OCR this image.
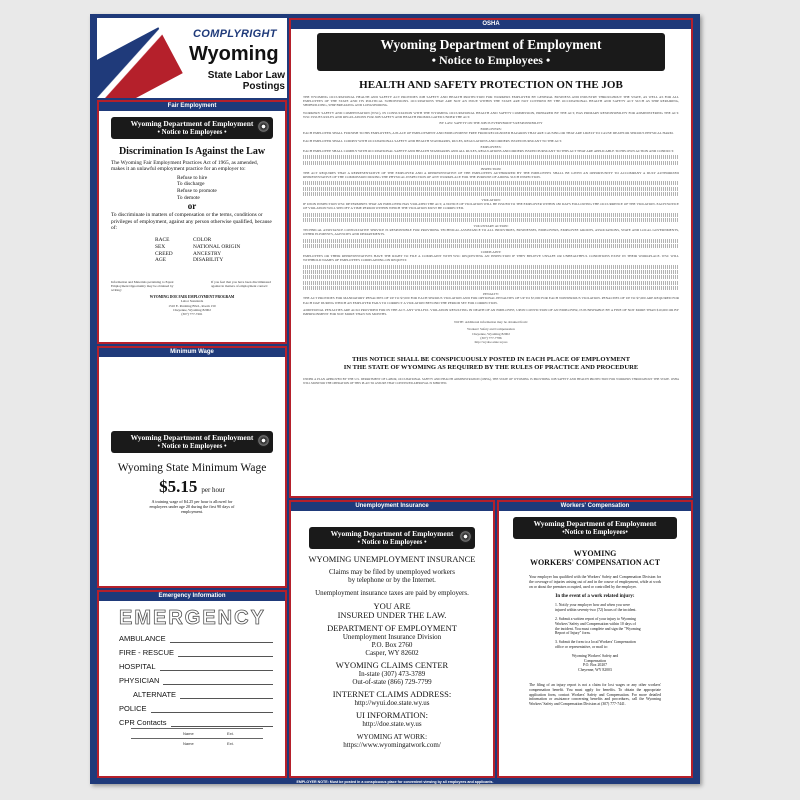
COMPLYRIGHT
Wyoming
State Labor Law Postings
Fair Employment
Wyoming Department of Employment
• Notice to Employees •
Discrimination Is Against the Law
The Wyoming Fair Employment Practices Act of 1965, as amended, makes it an unlawful employment practice for an employer to:
Refuse to hire
To discharge
Refuse to promote
To demote
or
To discriminate in matters of compensation or the terms, conditions or privileges of employment, against any person otherwise qualified, because of:
RACE
SEX
CREED
AGE
COLOR
NATIONAL ORIGIN
ANCESTRY
DISABILITY
Information and Materials pertaining to Equal Employment Opportunity may be obtained by writing:
If you feel that you have been discriminated against in matters of employment contact:
WYOMING DOE FAIR EMPLOYMENT PROGRAM
Labor Standards
1510 E. Pershing Blvd., Room 150
Cheyenne, Wyoming 82002
(307) 777-7261
Minimum Wage
Wyoming Department of Employment
• Notice to Employees •
Wyoming State Minimum Wage
$5.15 per hour
A training wage of $4.25 per hour is allowed for employees under age 20 during the first 90 days of employment.
Emergency Information
EMERGENCY
AMBULANCE
FIRE - RESCUE
HOSPITAL
PHYSICIAN
ALTERNATE
POLICE
CPR Contacts
Name	Ext.
Name	Ext.
OSHA
Wyoming Department of Employment
• Notice to Employees •
HEALTH AND SAFETY PROTECTION ON THE JOB
THE WYOMING OCCUPATIONAL HEALTH AND SAFETY ACT PROVIDES JOB SAFETY AND HEALTH PROTECTION FOR WORKERS EMPLOYED BY GENERAL BUSINESS AND INDUSTRY THROUGHOUT THE STATE, AS WELL AS FOR ALL EMPLOYEES OF THE STATE AND ITS POLITICAL SUBDIVISIONS. OCCUPATIONS THAT ARE NOT AN ISSUE WITHIN THE STATE ARE NOT COVERED BY THE OCCUPATIONAL HEALTH AND SAFETY ACT SUCH AS SHIP REPAIRING, SHIPBUILDING, SHIP BREAKING AND LONGSHORING.
WORKERS' SAFETY AND COMPENSATION (WSC), IN CONSULTATION WITH THE WYOMING OCCUPATIONAL HEALTH AND SAFETY COMMISSION, PREPARED BY THE ACT, HAS PRIMARY RESPONSIBILITY FOR ADMINISTERING THE ACT. WSC ISSUES RULES AND REGULATIONS FOR JOB SAFETY AND HEALTH PROMULGATED UNDER THE ACT.
BY LAW: SAFETY ON THE JOB IS EVERYBODY'S RESPONSIBILITY
EMPLOYERS:
EACH EMPLOYER SHALL FURNISH TO HIS EMPLOYEES, A PLACE OF EMPLOYMENT AND EMPLOYMENT FREE FROM RECOGNIZED HAZARDS THAT ARE CAUSING OR THAT ARE LIKELY TO CAUSE DEATH OR SERIOUS PHYSICAL HARM.
EACH EMPLOYER SHALL COMPLY WITH OCCUPATIONAL SAFETY AND HEALTH STANDARDS, RULES, REGULATIONS AND ORDERS ISSUED PURSUANT TO THE ACT.
EMPLOYEES:
EACH EMPLOYEE SHALL COMPLY WITH OCCUPATIONAL SAFETY AND HEALTH STANDARDS AND ALL RULES, REGULATIONS AND ORDERS ISSUED PURSUANT TO THIS ACT THAT ARE APPLICABLE TO HIS OWN ACTION AND CONDUCT.
INSPECTION:
THE ACT REQUIRES THAT A REPRESENTATIVE OF THE EMPLOYER AND A REPRESENTATIVE OF THE EMPLOYEES AUTHORIZED BY THE EMPLOYEES SHALL BE GIVEN AN OPPORTUNITY TO ACCOMPANY A DULY AUTHORIZED REPRESENTATIVE OF THE COMMISSION DURING THE PHYSICAL INSPECTION OF ANY WORKPLACE FOR THE PURPOSE OF AIDING SUCH INSPECTION.
VIOLATION:
IF UPON INSPECTION WSC DETERMINES THAT AN EMPLOYER HAS VIOLATED THE ACT, A NOTICE OF VIOLATION WILL BE ISSUED TO THE EMPLOYER WITHIN 180 DAYS FOLLOWING THE OCCURRENCE OF THE VIOLATION. EACH NOTICE OF VIOLATION WILL SPECIFY A TIME PERIOD WITHIN WHICH THE VIOLATION MUST BE CORRECTED.
VOLUNTARY ACTION:
TECHNICAL ASSISTANCE CONSULTATIVE SERVICE IS RESPONSIBLE FOR PROVIDING TECHNICAL ASSISTANCE TO ALL INDUSTRIES, BUSINESSES, EMPLOYERS, EMPLOYEE GROUPS, ASSOCIATIONS, STATE AND LOCAL GOVERNMENTS, OTHER ELEMENTS, AGENCIES AND DEPARTMENTS.
COMPLAINT:
EMPLOYEES OR THEIR REPRESENTATIVES HAVE THE RIGHT TO FILE A COMPLAINT WITH WSC REQUESTING AN INSPECTION IF THEY BELIEVE UNSAFE OR UNHEALTHFUL CONDITIONS EXIST IN THEIR WORKPLACE. WSC WILL WITHHOLD NAMES OF EMPLOYEES COMPLAINING ON REQUEST.
PENALTY:
THE ACT PROVIDES FOR MANDATORY PENALTIES OF UP TO $7,000 FOR EACH SERIOUS VIOLATION AND FOR OPTIONAL PENALTIES OF UP TO $7,000 FOR EACH NONSERIOUS VIOLATION. PENALTIES OF UP TO $7,000 ARE REQUIRED FOR EACH DAY DURING WHICH AN EMPLOYER FAILS TO CORRECT A VIOLATION BEYOND THE PERIOD SET FOR CORRECTION.
ADDITIONAL PENALTIES ARE ALSO PROVIDED FOR IN THE ACT. ANY WILLFUL VIOLATION RESULTING IN DEATH OF AN EMPLOYEE, UPON CONVICTION OF AN EMPLOYER, IS PUNISHABLE BY A FINE OF NOT MORE THAN $10,000 OR BY IMPRISONMENT FOR NOT MORE THAN SIX MONTHS.
NOTE: Additional information may be obtained from:
Workers' Safety and Compensation
Cheyenne, Wyoming 82002
(307) 777-7786
http://wydoe.state.wy.us
THIS NOTICE SHALL BE CONSPICUOUSLY POSTED IN EACH PLACE OF EMPLOYMENT
IN THE STATE OF WYOMING AS REQUIRED BY THE RULES OF PRACTICE AND PROCEDURE
UNDER A PLAN APPROVED BY THE U.S. DEPARTMENT OF LABOR, OCCUPATIONAL SAFETY AND HEALTH ADMINISTRATION (OSHA), THE STATE OF WYOMING IS PROVIDING JOB SAFETY AND HEALTH PROTECTION FOR WORKERS THROUGHOUT THE STATE. OSHA WILL MONITOR THE OPERATION OF THIS PLAN TO ASSURE THAT CONTINUED APPROVAL IS MERITED.
Unemployment Insurance
Wyoming Department of Employment
• Notice to Employees •
WYOMING UNEMPLOYMENT INSURANCE
Claims may be filed by unemployed workers
by telephone or by the Internet.
Unemployment insurance taxes are paid by employers.
YOU ARE
INSURED UNDER THE LAW.
DEPARTMENT OF EMPLOYMENT
Unemployment Insurance Division
P.O. Box 2760
Casper, WY 82602
WYOMING CLAIMS CENTER
In-state (307) 473-3789
Out-of-state (866) 729-7799
INTERNET CLAIMS ADDRESS:
http://wyui.doe.state.wy.us
UI INFORMATION:
http://doe.state.wy.us
WYOMING AT WORK:
https://www.wyomingatwork.com/
Workers' Compensation
Wyoming Department of Employment
•Notice to Employees•
WYOMING
WORKERS' COMPENSATION ACT
Your employer has qualified with the Workers' Safety and Compensation Division for the coverage of injuries arising out of and in the course of employment, while at work on or about the premises occupied, used or controlled by the employer.
In the event of a work related injury:
1. Notify your employer how and when you were injured within seventy-two (72) hours of the incident.
2. Submit a written report of your injury to Wyoming Workers' Safety and Compensation within 10 days of the incident. You must complete and sign the "Wyoming Report of Injury" form.
3. Submit the form to a local Workers' Compensation office or representative, or mail to:
Wyoming Workers' Safety and
Compensation
P.O. Box 20207
Cheyenne, WY 82003
The filing of an injury report is not a claim for lost wages or any other workers' compensation benefit. You must apply for benefits. To obtain the appropriate application form, contact Workers' Safety and Compensation. For more detailed information or assistance concerning benefits and procedures, call the Wyoming Workers' Safety and Compensation Division at (307) 777-7441.
EMPLOYER NOTE: Must be posted in a conspicuous place for convenient viewing by all employees and applicants.
